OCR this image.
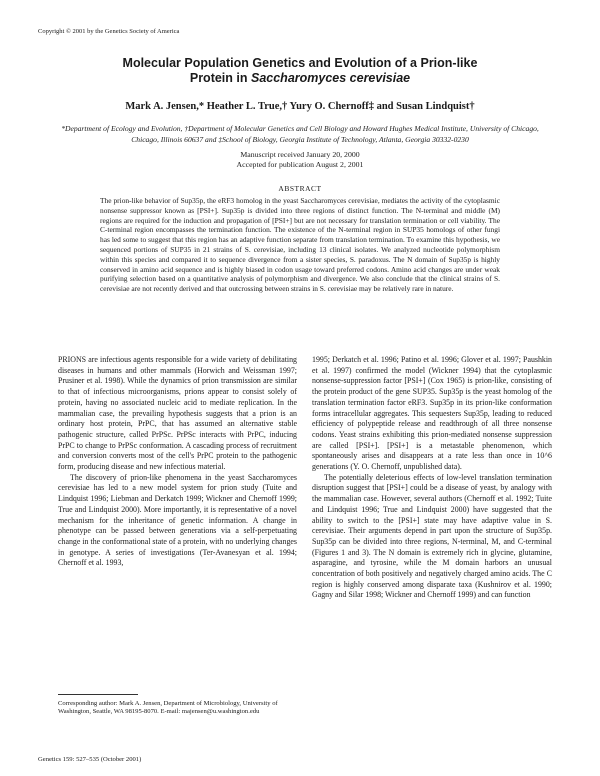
Copyright © 2001 by the Genetics Society of America
Molecular Population Genetics and Evolution of a Prion-like
Protein in Saccharomyces cerevisiae
Mark A. Jensen,* Heather L. True,† Yury O. Chernoff‡ and Susan Lindquist†
*Department of Ecology and Evolution, †Department of Molecular Genetics and Cell Biology and Howard Hughes Medical Institute, University of Chicago, Chicago, Illinois 60637 and ‡School of Biology, Georgia Institute of Technology, Atlanta, Georgia 30332-0230
Manuscript received January 20, 2000
Accepted for publication August 2, 2001
ABSTRACT
The prion-like behavior of Sup35p, the eRF3 homolog in the yeast Saccharomyces cerevisiae, mediates the activity of the cytoplasmic nonsense suppressor known as [PSI+]. Sup35p is divided into three regions of distinct function. The N-terminal and middle (M) regions are required for the induction and propagation of [PSI+] but are not necessary for translation termination or cell viability. The C-terminal region encompasses the termination function. The existence of the N-terminal region in SUP35 homologs of other fungi has led some to suggest that this region has an adaptive function separate from translation termination. To examine this hypothesis, we sequenced portions of SUP35 in 21 strains of S. cerevisiae, including 13 clinical isolates. We analyzed nucleotide polymorphism within this species and compared it to sequence divergence from a sister species, S. paradoxus. The N domain of Sup35p is highly conserved in amino acid sequence and is highly biased in codon usage toward preferred codons. Amino acid changes are under weak purifying selection based on a quantitative analysis of polymorphism and divergence. We also conclude that the clinical strains of S. cerevisiae are not recently derived and that outcrossing between strains in S. cerevisiae may be relatively rare in nature.

PRIONS are infectious agents responsible for a wide variety of debilitating diseases in humans and other mammals (Horwich and Weissman 1997; Prusiner et al. 1998). While the dynamics of prion transmission are similar to that of infectious microorganisms, prions appear to consist solely of protein, having no associated nucleic acid to mediate replication. In the mammalian case, the prevailing hypothesis suggests that a prion is an ordinary host protein, PrPC, that has assumed an alternative stable pathogenic structure, called PrPSc. PrPSc interacts with PrPC, inducing PrPC to change to PrPSc conformation. A cascading process of recruitment and conversion converts most of the cell's PrPC protein to the pathogenic form, producing disease and new infectious material.

The discovery of prion-like phenomena in the yeast Saccharomyces cerevisiae has led to a new model system for prion study (Tuite and Lindquist 1996; Liebman and Derkatch 1999; Wickner and Chernoff 1999; True and Lindquist 2000). More importantly, it is representative of a novel mechanism for the inheritance of genetic information. A change in phenotype can be passed between generations via a self-perpetuating change in the conformational state of a protein, with no underlying changes in genotype. A series of investigations (Ter-Avanesyan et al. 1994; Chernoff et al. 1993,

1995; Derkatch et al. 1996; Patino et al. 1996; Glover et al. 1997; Paushkin et al. 1997) confirmed the model (Wickner 1994) that the cytoplasmic nonsense-suppression factor [PSI+] (Cox 1965) is prion-like, consisting of the protein product of the gene SUP35. Sup35p is the yeast homolog of the translation termination factor eRF3. Sup35p in its prion-like conformation forms intracellular aggregates. This sequesters Sup35p, leading to reduced efficiency of polypeptide release and readthrough of all three nonsense codons. Yeast strains exhibiting this prion-mediated nonsense suppression are called [PSI+]. [PSI+] is a metastable phenomenon, which spontaneously arises and disappears at a rate less than once in 10^6 generations (Y. O. Chernoff, unpublished data).

The potentially deleterious effects of low-level translation termination disruption suggest that [PSI+] could be a disease of yeast, by analogy with the mammalian case. However, several authors (Chernoff et al. 1992; Tuite and Lindquist 1996; True and Lindquist 2000) have suggested that the ability to switch to the [PSI+] state may have adaptive value in S. cerevisiae. Their arguments depend in part upon the structure of Sup35p. Sup35p can be divided into three regions, N-terminal, M, and C-terminal (Figures 1 and 3). The N domain is extremely rich in glycine, glutamine, asparagine, and tyrosine, while the M domain harbors an unusual concentration of both positively and negatively charged amino acids. The C region is highly conserved among disparate taxa (Kushnirov et al. 1990; Gagny and Silar 1998; Wickner and Chernoff 1999) and can function

Corresponding author: Mark A. Jensen, Department of Microbiology, University of Washington, Seattle, WA 98195-8070. E-mail: majensen@u.washington.edu
Genetics 159: 527–535 (October 2001)
